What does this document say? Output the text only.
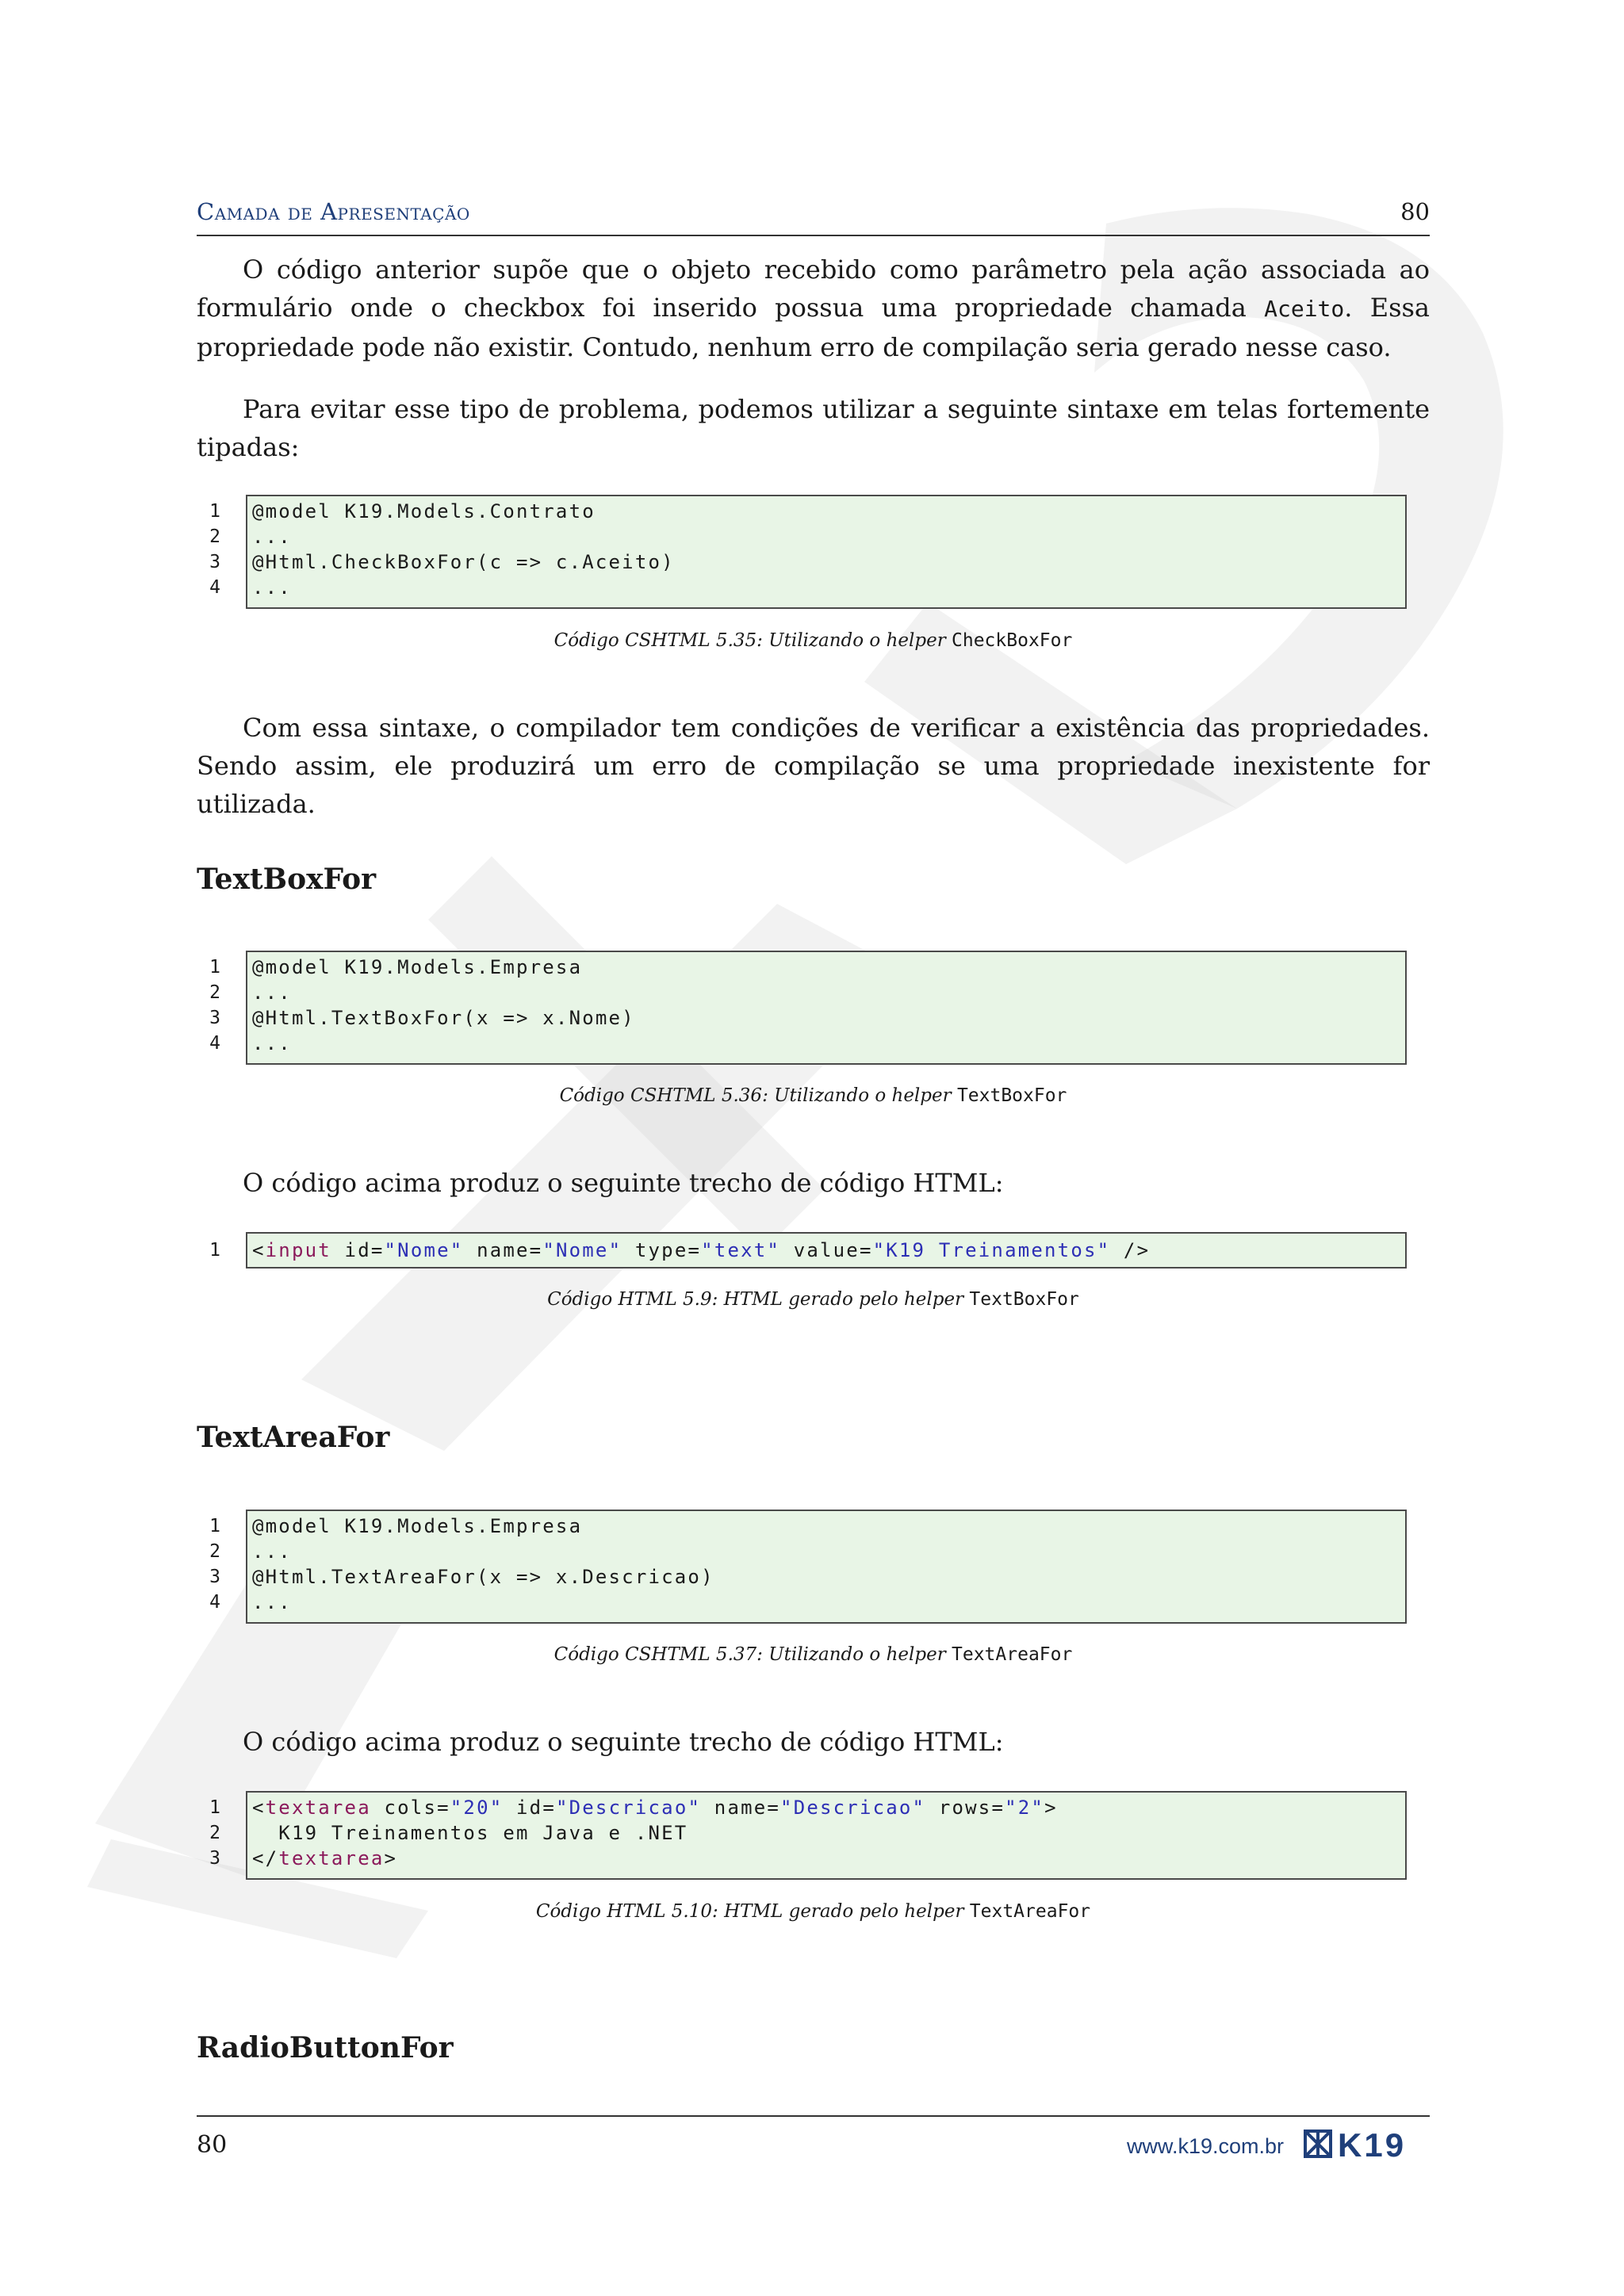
Camada de Apresentação	80

O código anterior supõe que o objeto recebido como parâmetro pela ação associada ao formulário onde o checkbox foi inserido possua uma propriedade chamada Aceito. Essa propriedade pode não existir. Contudo, nenhum erro de compilação seria gerado nesse caso.

Para evitar esse tipo de problema, podemos utilizar a seguinte sintaxe em telas fortemente tipadas:

1 @model K19.Models.Contrato
2 ...
3 @Html.CheckBoxFor(c => c.Aceito)
4 ...
Código CSHTML 5.35: Utilizando o helper CheckBoxFor

Com essa sintaxe, o compilador tem condições de verificar a existência das propriedades. Sendo assim, ele produzirá um erro de compilação se uma propriedade inexistente for utilizada.

TextBoxFor
1 @model K19.Models.Empresa
2 ...
3 @Html.TextBoxFor(x => x.Nome)
4 ...
Código CSHTML 5.36: Utilizando o helper TextBoxFor

O código acima produz o seguinte trecho de código HTML:

1 <input id="Nome" name="Nome" type="text" value="K19 Treinamentos" />
Código HTML 5.9: HTML gerado pelo helper TextBoxFor
TextAreaFor
1 @model K19.Models.Empresa
2 ...
3 @Html.TextAreaFor(x => x.Descricao)
4 ...
Código CSHTML 5.37: Utilizando o helper TextAreaFor

O código acima produz o seguinte trecho de código HTML:

1 <textarea cols="20" id="Descricao" name="Descricao" rows="2">
2 K19 Treinamentos em Java e .NET
3 </textarea>
Código HTML 5.10: HTML gerado pelo helper TextAreaFor
RadioButtonFor
80	www.k19.com.br K19
